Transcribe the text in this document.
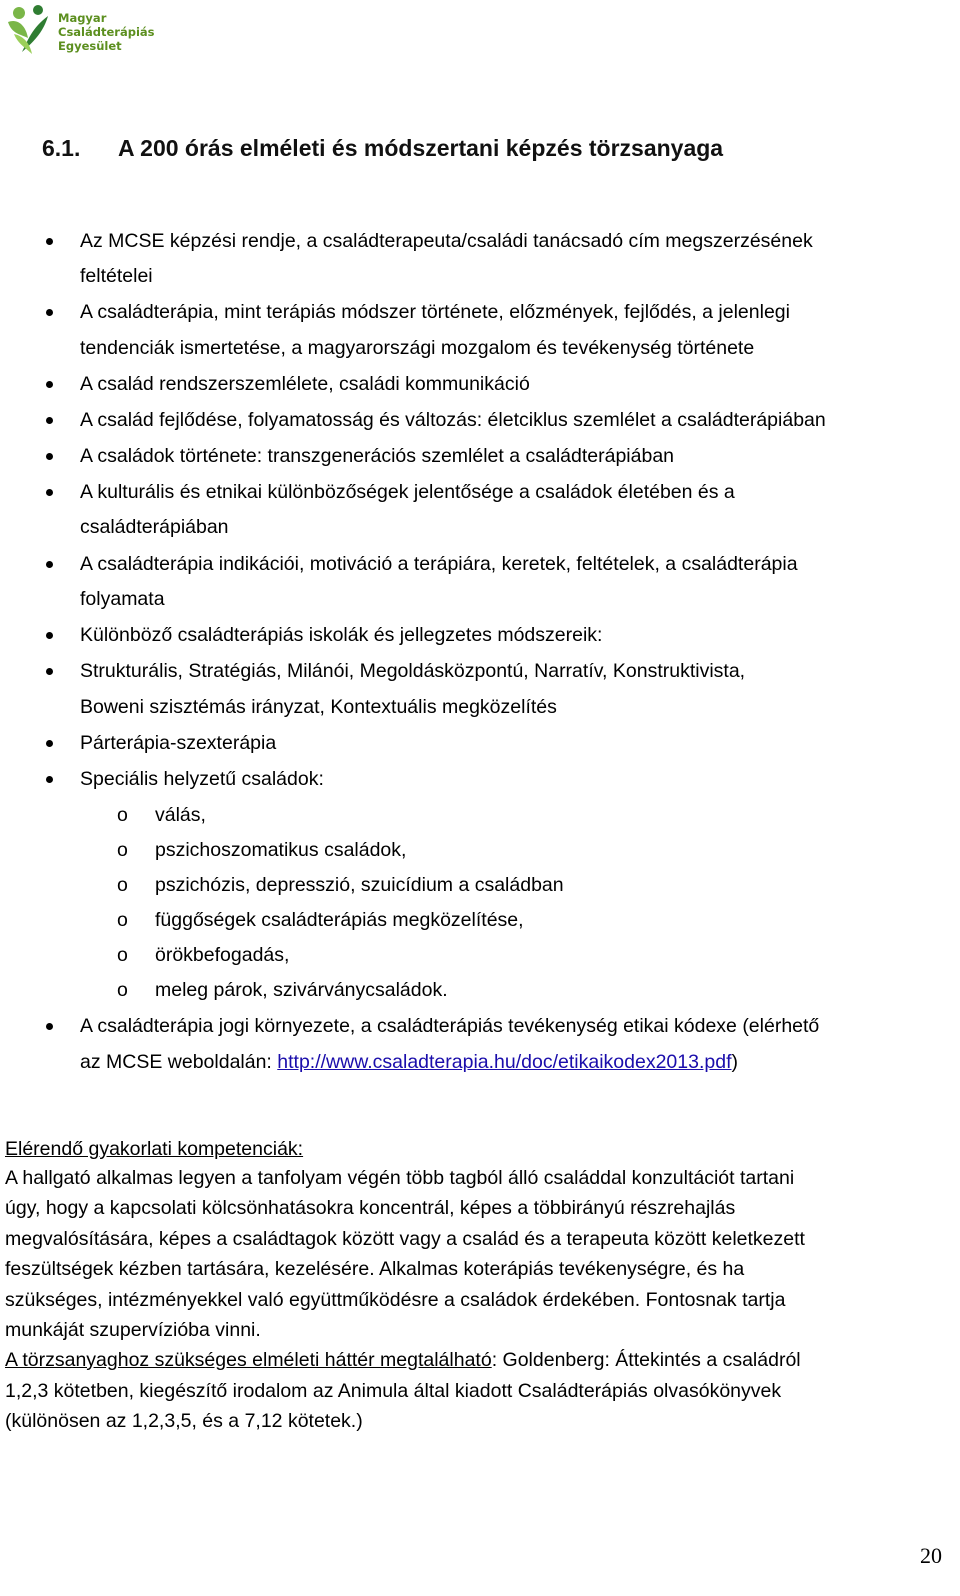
Magyar
Családterápiás
Egyesület
6.1. A 200 órás elméleti és módszertani képzés törzsanyaga
Az MCSE képzési rendje, a családterapeuta/családi tanácsadó cím megszerzésének
feltételei
A családterápia, mint terápiás módszer története, előzmények, fejlődés, a jelenlegi
tendenciák ismertetése, a magyarországi mozgalom és tevékenység története
A család rendszerszemlélete, családi kommunikáció
A család fejlődése, folyamatosság és változás: életciklus szemlélet a családterápiában
A családok története: transzgenerációs szemlélet a családterápiában
A kulturális és etnikai különbözőségek jelentősége a családok életében és a
családterápiában
A családterápia indikációi, motiváció a terápiára, keretek, feltételek, a családterápia
folyamata
Különböző családterápiás iskolák és jellegzetes módszereik:
Strukturális, Stratégiás, Milánói, Megoldásközpontú, Narratív, Konstruktivista,
Boweni szisztémás irányzat, Kontextuális megközelítés
Párterápia-szexterápia
Speciális helyzetű családok:
o válás,
o pszichoszomatikus családok,
o pszichózis, depresszió, szuicídium a családban
o függőségek családterápiás megközelítése,
o örökbefogadás,
o meleg párok, szivárványcsaládok.
A családterápia jogi környezete, a családterápiás tevékenység etikai kódexe (elérhető
az MCSE weboldalán: http://www.csaladterapia.hu/doc/etikaikodex2013.pdf)
Elérendő gyakorlati kompetenciák:
A hallgató alkalmas legyen a tanfolyam végén több tagból álló családdal konzultációt tartani
úgy, hogy a kapcsolati kölcsönhatásokra koncentrál, képes a többirányú részrehajlás
megvalósítására, képes a családtagok között vagy a család és a terapeuta között keletkezett
feszültségek kézben tartására, kezelésére. Alkalmas koterápiás tevékenységre, és ha
szükséges, intézményekkel való együttműködésre a családok érdekében. Fontosnak tartja
munkáját szupervízióba vinni.
A törzsanyaghoz szükséges elméleti háttér megtalálható: Goldenberg: Áttekintés a családról
1,2,3 kötetben, kiegészítő irodalom az Animula által kiadott Családterápiás olvasókönyvek
(különösen az 1,2,3,5, és a 7,12 kötetek.)
20
